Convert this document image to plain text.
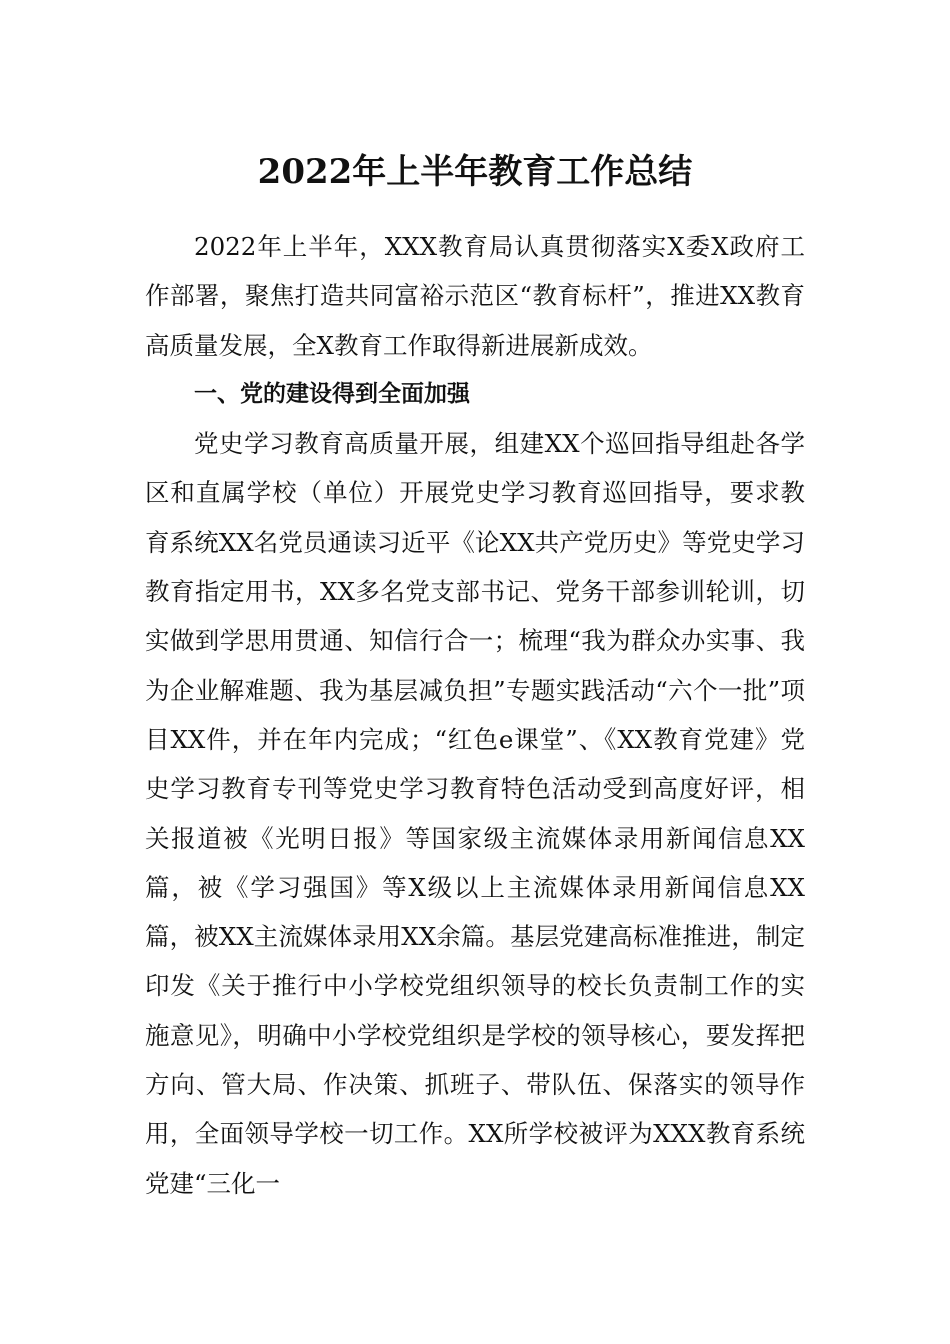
2022年上半年教育工作总结

2022年上半年，XXX教育局认真贯彻落实X委X政府工作部署，聚焦打造共同富裕示范区“教育标杆”，推进XX教育高质量发展，全X教育工作取得新进展新成效。

一、党的建设得到全面加强

党史学习教育高质量开展，组建XX个巡回指导组赴各学区和直属学校（单位）开展党史学习教育巡回指导，要求教育系统XX名党员通读习近平《论XX共产党历史》等党史学习教育指定用书，XX多名党支部书记、党务干部参训轮训，切实做到学思用贯通、知信行合一；梳理“我为群众办实事、我为企业解难题、我为基层减负担”专题实践活动“六个一批”项目XX件，并在年内完成；“红色e课堂”、《XX教育党建》党史学习教育专刊等党史学习教育特色活动受到高度好评，相关报道被《光明日报》等国家级主流媒体录用新闻信息XX篇，被《学习强国》等X级以上主流媒体录用新闻信息XX篇，被XX主流媒体录用XX余篇。基层党建高标准推进，制定印发《关于推行中小学校党组织领导的校长负责制工作的实施意见》，明确中小学校党组织是学校的领导核心，要发挥把方向、管大局、作决策、抓班子、带队伍、保落实的领导作用，全面领导学校一切工作。XX所学校被评为XXX教育系统党建“三化一
